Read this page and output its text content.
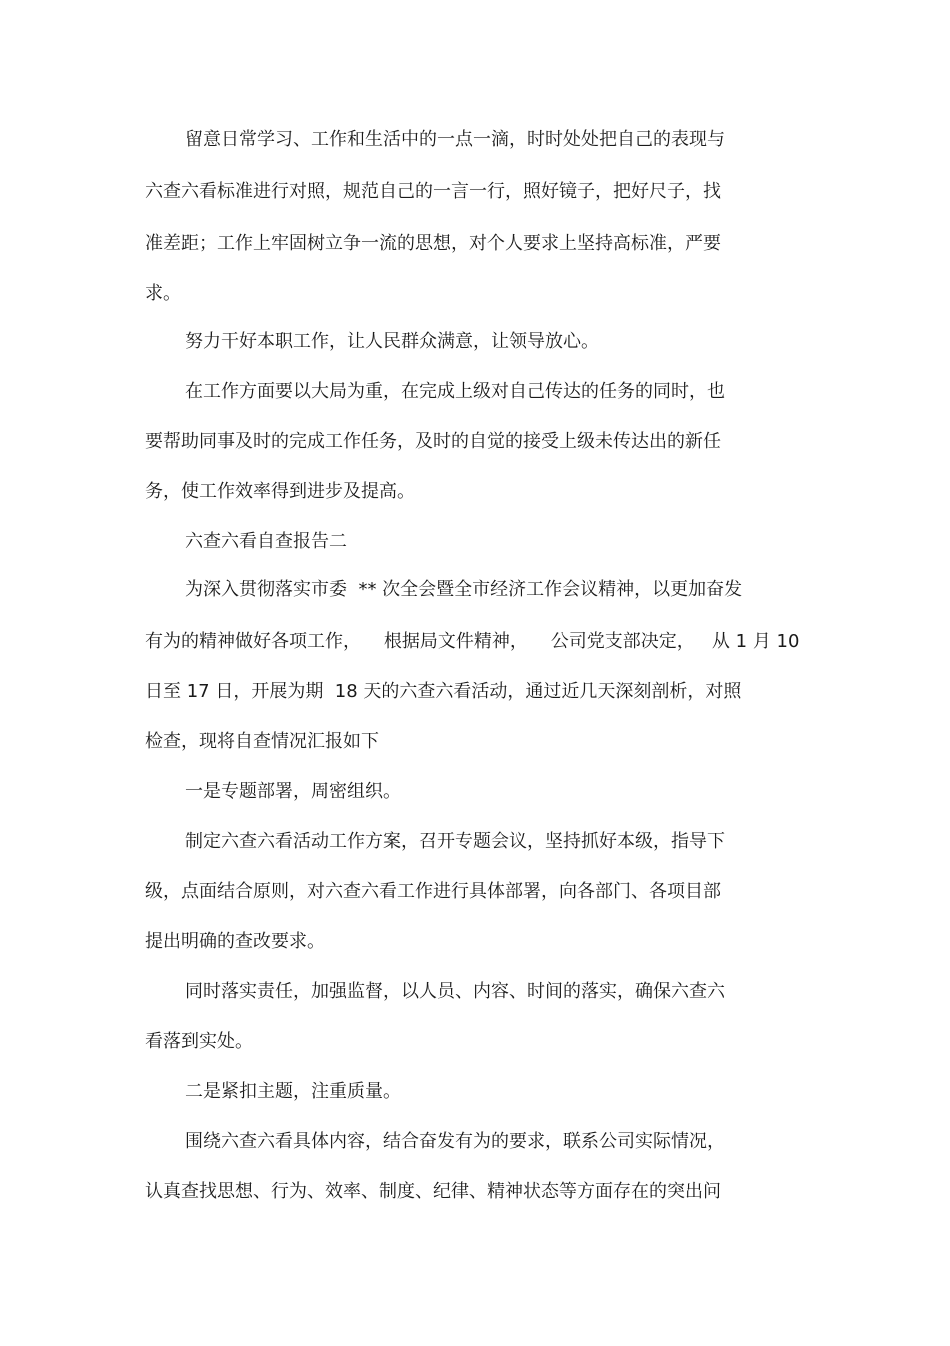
留意日常学习、工作和生活中的一点一滴，时时处处把自己的表现与
六查六看标准进行对照，规范自己的一言一行，照好镜子，把好尺子，找
准差距；工作上牢固树立争一流的思想，对个人要求上坚持高标准，严要
求。
努力干好本职工作，让人民群众满意，让领导放心。
在工作方面要以大局为重，在完成上级对自己传达的任务的同时，也
要帮助同事及时的完成工作任务，及时的自觉的接受上级未传达出的新任
务，使工作效率得到进步及提高。
六查六看自查报告二
为深入贯彻落实市委  ** 次全会暨全市经济工作会议精神，以更加奋发
有为的精神做好各项工作，    根据局文件精神，    公司党支部决定，   从 1 月 10
日至 17 日，开展为期  18 天的六查六看活动，通过近几天深刻剖析，对照
检查，现将自查情况汇报如下
一是专题部署，周密组织。
制定六查六看活动工作方案，召开专题会议，坚持抓好本级，指导下
级，点面结合原则，对六查六看工作进行具体部署，向各部门、各项目部
提出明确的查改要求。
同时落实责任，加强监督，以人员、内容、时间的落实，确保六查六
看落到实处。
二是紧扣主题，注重质量。
围绕六查六看具体内容，结合奋发有为的要求，联系公司实际情况，
认真查找思想、行为、效率、制度、纪律、精神状态等方面存在的突出问
